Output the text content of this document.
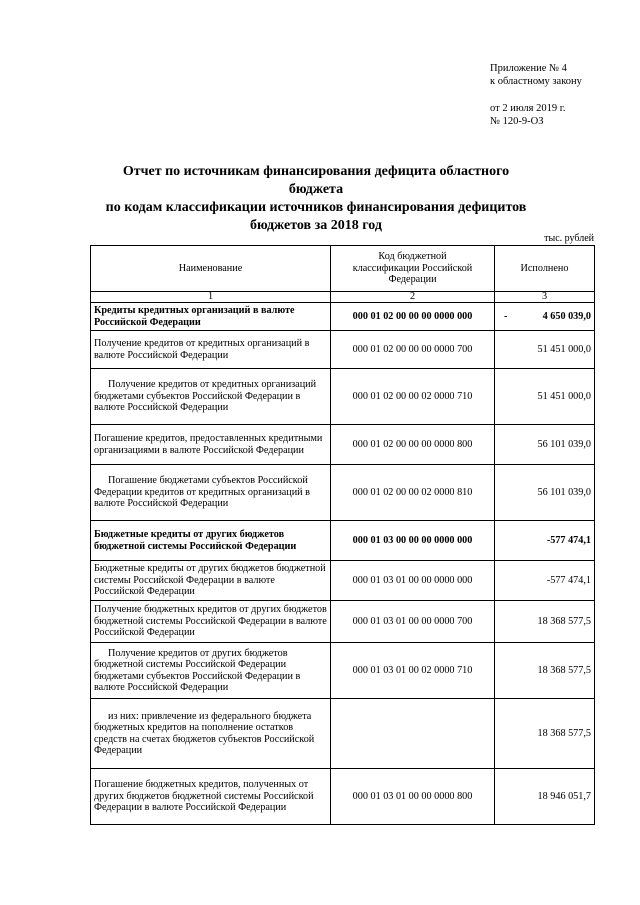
Приложение № 4
к областному закону
от 2 июля 2019 г.
№ 120-9-ОЗ
Отчет по источникам финансирования дефицита областного бюджета
по кодам классификации источников финансирования дефицитов
бюджетов за 2018 год
тыс. рублей
Наименование	Код бюджетной классификации Российской Федерации	Исполнено
1	2	3
Кредиты кредитных организаций в валюте Российской Федерации	000 01 02 00 00 00 0000 000	- 4 650 039,0
Получение кредитов от кредитных организаций в валюте Российской Федерации	000 01 02 00 00 00 0000 700	51 451 000,0
Получение кредитов от кредитных организаций бюджетами субъектов Российской Федерации в валюте Российской Федерации	000 01 02 00 00 02 0000 710	51 451 000,0
Погашение кредитов, предоставленных кредитными организациями в валюте Российской Федерации	000 01 02 00 00 00 0000 800	56 101 039,0
Погашение бюджетами субъектов Российской Федерации кредитов от кредитных организаций в валюте Российской Федерации	000 01 02 00 00 02 0000 810	56 101 039,0
Бюджетные кредиты от других бюджетов бюджетной системы Российской Федерации	000 01 03 00 00 00 0000 000	-577 474,1
Бюджетные кредиты от других бюджетов бюджетной системы Российской Федерации в валюте Российской Федерации	000 01 03 01 00 00 0000 000	-577 474,1
Получение бюджетных кредитов от других бюджетов бюджетной системы Российской Федерации в валюте Российской Федерации	000 01 03 01 00 00 0000 700	18 368 577,5
Получение кредитов от других бюджетов бюджетной системы Российской Федерации бюджетами субъектов Российской Федерации в валюте Российской Федерации	000 01 03 01 00 02 0000 710	18 368 577,5
из них: привлечение из федерального бюджета бюджетных кредитов на пополнение остатков средств на счетах бюджетов субъектов Российской Федерации		18 368 577,5
Погашение бюджетных кредитов, полученных от других бюджетов бюджетной системы Российской Федерации в валюте Российской Федерации	000 01 03 01 00 00 0000 800	18 946 051,7
